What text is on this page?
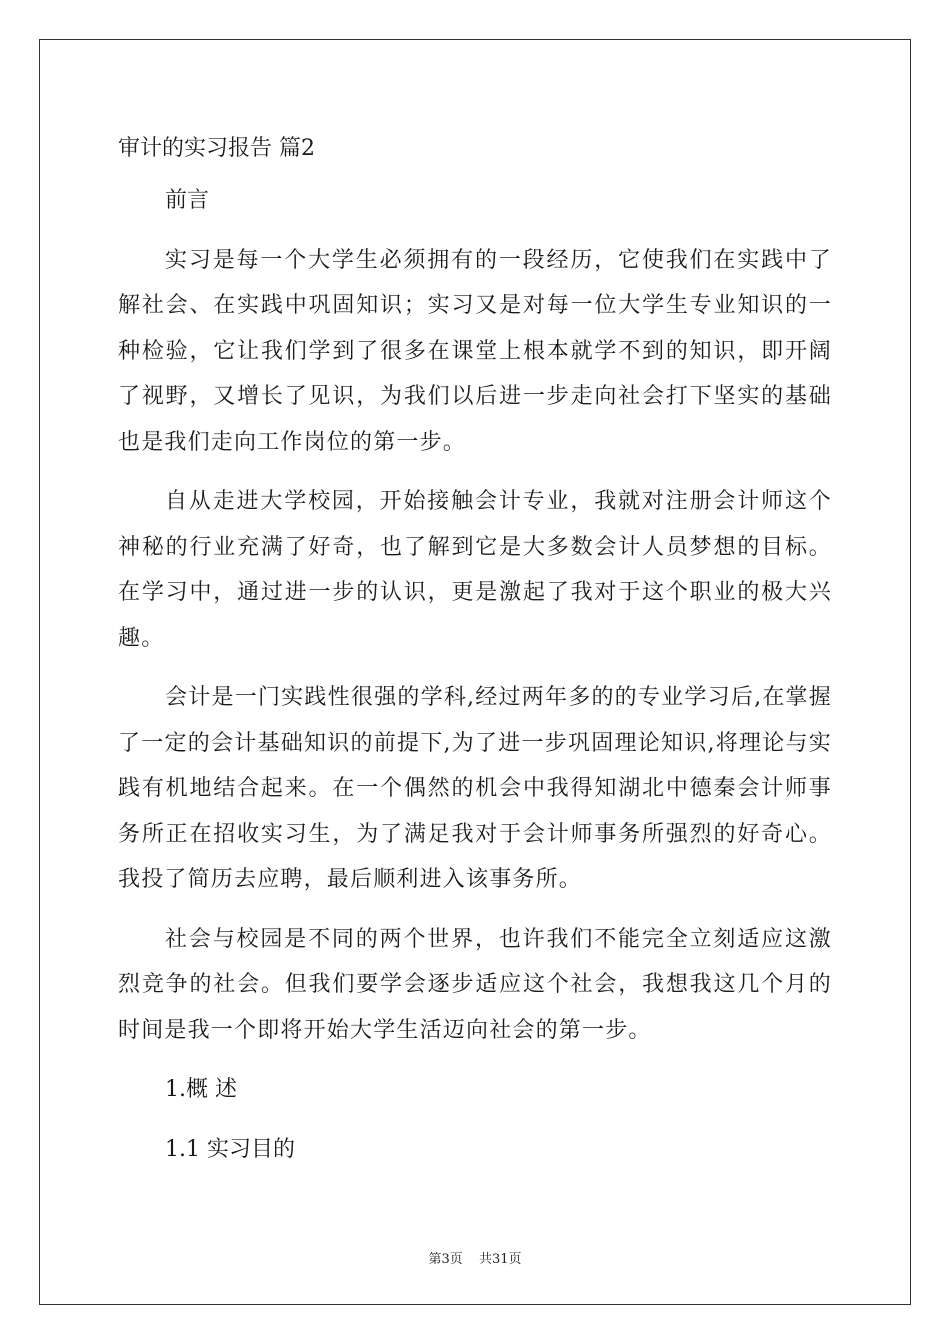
审计的实习报告 篇2
前言

实习是每一个大学生必须拥有的一段经历，它使我们在实践中了解社会、在实践中巩固知识；实习又是对每一位大学生专业知识的一种检验，它让我们学到了很多在课堂上根本就学不到的知识，即开阔了视野，又增长了见识，为我们以后进一步走向社会打下坚实的基础也是我们走向工作岗位的第一步。

自从走进大学校园，开始接触会计专业，我就对注册会计师这个神秘的行业充满了好奇，也了解到它是大多数会计人员梦想的目标。在学习中，通过进一步的认识，更是激起了我对于这个职业的极大兴趣。

会计是一门实践性很强的学科,经过两年多的的专业学习后,在掌握了一定的会计基础知识的前提下,为了进一步巩固理论知识,将理论与实践有机地结合起来。在一个偶然的机会中我得知湖北中德秦会计师事务所正在招收实习生，为了满足我对于会计师事务所强烈的好奇心。我投了简历去应聘，最后顺利进入该事务所。

社会与校园是不同的两个世界，也许我们不能完全立刻适应这激烈竞争的社会。但我们要学会逐步适应这个社会，我想我这几个月的时间是我一个即将开始大学生活迈向社会的第一步。

1.概 述
1.1 实习目的
第3页 共31页
